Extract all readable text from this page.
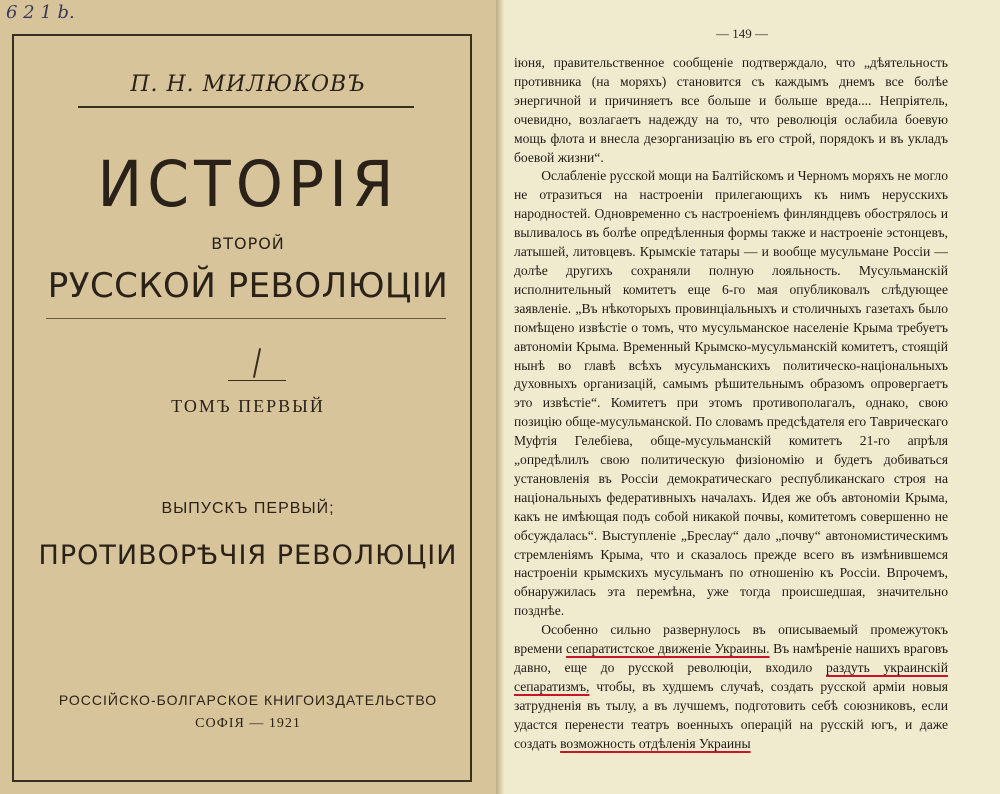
6 2 1 b.
П. Н. МИЛЮКОВЪ
ИСТОРІЯ
ВТОРОЙ
РУССКОЙ РЕВОЛЮЦІИ
ТОМЪ ПЕРВЫЙ
ВЫПУСКЪ ПЕРВЫЙ;
ПРОТИВОРѢЧІЯ РЕВОЛЮЦІИ
РОССІЙСКО-БОЛГАРСКОЕ КНИГОИЗДАТЕЛЬСТВО
СОФІЯ — 1921
— 149 —

іюня, правительственное сообщеніе подтверждало, что „дѣятельность противника (на моряхъ) становится съ каждымъ днемъ все болѣе энергичной и причиняетъ все больше и больше вреда.... Непріятель, очевидно, возлагаетъ надежду на то, что революція ослабила боевую мощь флота и внесла дезорганизацію въ его строй, порядокъ и въ укладъ боевой жизни“.

Ослабленіе русской мощи на Балтійскомъ и Черномъ моряхъ не могло не отразиться на настроеніи прилегающихъ къ нимъ нерусскихъ народностей. Одновременно съ настроеніемъ финляндцевъ обострялось и выливалось въ болѣе опредѣленныя формы также и настроеніе эстонцевъ, латышей, литовцевъ. Крымскіе татары — и вообще мусульмане Россіи — долѣе другихъ сохраняли полную лояльность. Мусульманскій исполнительный комитетъ еще 6-го мая опубликовалъ слѣдующее заявленіе. „Въ нѣкоторыхъ провинціальныхъ и столичныхъ газетахъ было помѣщено извѣстіе о томъ, что мусульманское населеніе Крыма требуетъ автономіи Крыма. Временный Крымско-мусульманскій комитетъ, стоящій нынѣ во главѣ всѣхъ мусульманскихъ политическо-національныхъ духовныхъ организацій, самымъ рѣшительнымъ образомъ опровергаетъ это извѣстіе“. Комитетъ при этомъ противополагалъ, однако, свою позицію обще-мусульманской. По словамъ предсѣдателя его Таврическаго Муфтія Гелебіева, обще-мусульманскій комитетъ 21-го апрѣля „опредѣлилъ свою политическую физіономію и будетъ добиваться установленія въ Россіи демократическаго республиканскаго строя на національныхъ федеративныхъ началахъ. Идея же объ автономіи Крыма, какъ не имѣющая подъ собой никакой почвы, комитетомъ совершенно не обсуждалась“. Выступленіе „Бреслау“ дало „почву“ автономистическимъ стремленіямъ Крыма, что и сказалось прежде всего въ измѣнившемся настроеніи крымскихъ мусульманъ по отношенію къ Россіи. Впрочемъ, обнаружилась эта перемѣна, уже тогда происшедшая, значительно позднѣе.

Особенно сильно развернулось въ описываемый промежутокъ времени сепаратистское движеніе Украины. Въ намѣреніе нашихъ враговъ давно, еще до русской революціи, входило раздуть украинскій сепаратизмъ, чтобы, въ худшемъ случаѣ, создать русской арміи новыя затрудненія въ тылу, а въ лучшемъ, подготовить себѣ союзниковъ, если удастся перенести театръ военныхъ операцій на русскій югъ, и даже создать возможность отдѣленія Украины
